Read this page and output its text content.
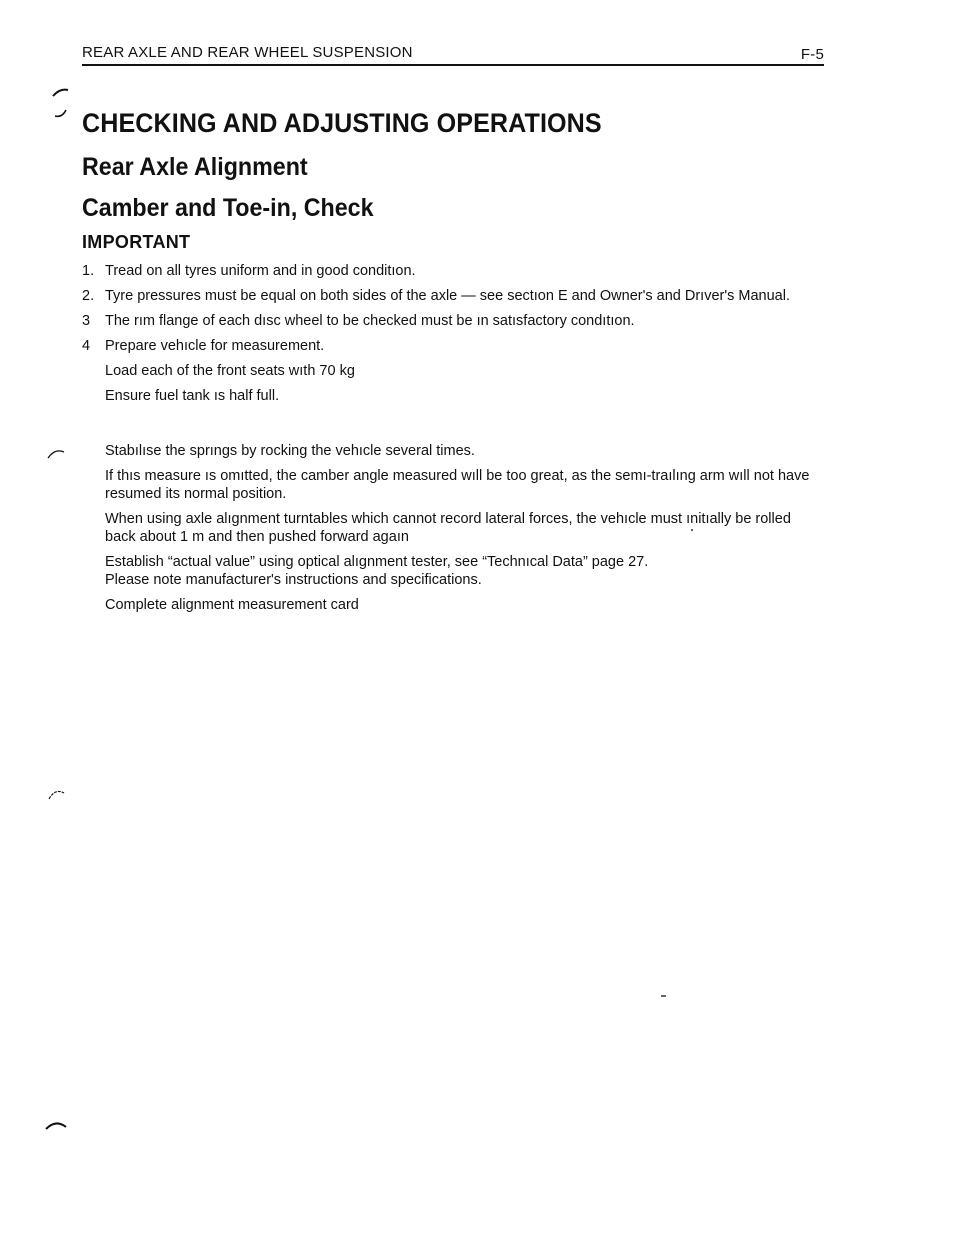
REAR AXLE AND REAR WHEEL SUSPENSION	F-5
CHECKING AND ADJUSTING OPERATIONS
Rear Axle Alignment
Camber and Toe-in, Check
IMPORTANT
1. Tread on all tyres uniform and in good conditıon.
2. Tyre pressures must be equal on both sides of the axle — see sectıon E and Owner's and Drıver's Manual.
3 The rım flange of each dısc wheel to be checked must be ın satısfactory condıtıon.
4 Prepare vehıcle for measurement.
Load each of the front seats wıth 70 kg
Ensure fuel tank ıs half full.

Stabılıse the sprıngs by rocking the vehıcle several times.

If thıs measure ıs omıtted, the camber angle measured wıll be too great, as the semı-traılıng arm wıll not have resumed its normal position.

When using axle alıgnment turntables which cannot record lateral forces, the vehıcle must ınitıally be rolled back about 1 m and then pushed forward agaın

Establish “actual value” using optical alıgnment tester, see “Technıcal Data” page 27.

Please note manufacturer's instructions and specifications.

Complete alignment measurement card
